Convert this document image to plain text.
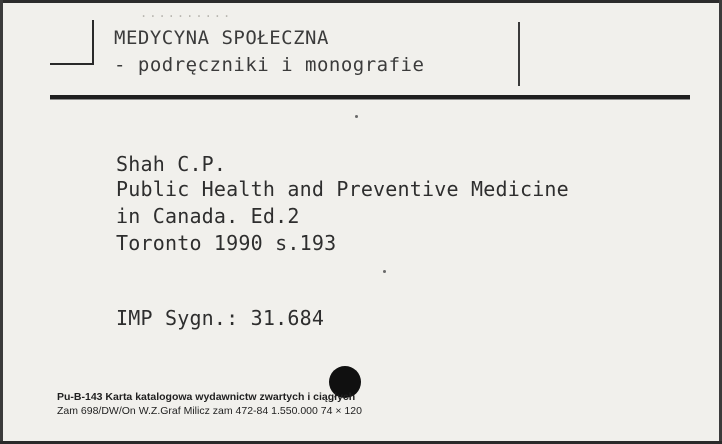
..........
MEDYCYNA SPOŁECZNA
- podręczniki i monografie
Shah C.P.
Public Health and Preventive Medicine
in Canada. Ed.2
Toronto 1990 s.193
IMP Sygn.: 31.684
Pu-B-143 Karta katalogowa wydawnictw zwartych i ciągłych
Zam 698/DW/On W.Z.Graf Milicz zam 472-84 1.550.000 74 × 120
